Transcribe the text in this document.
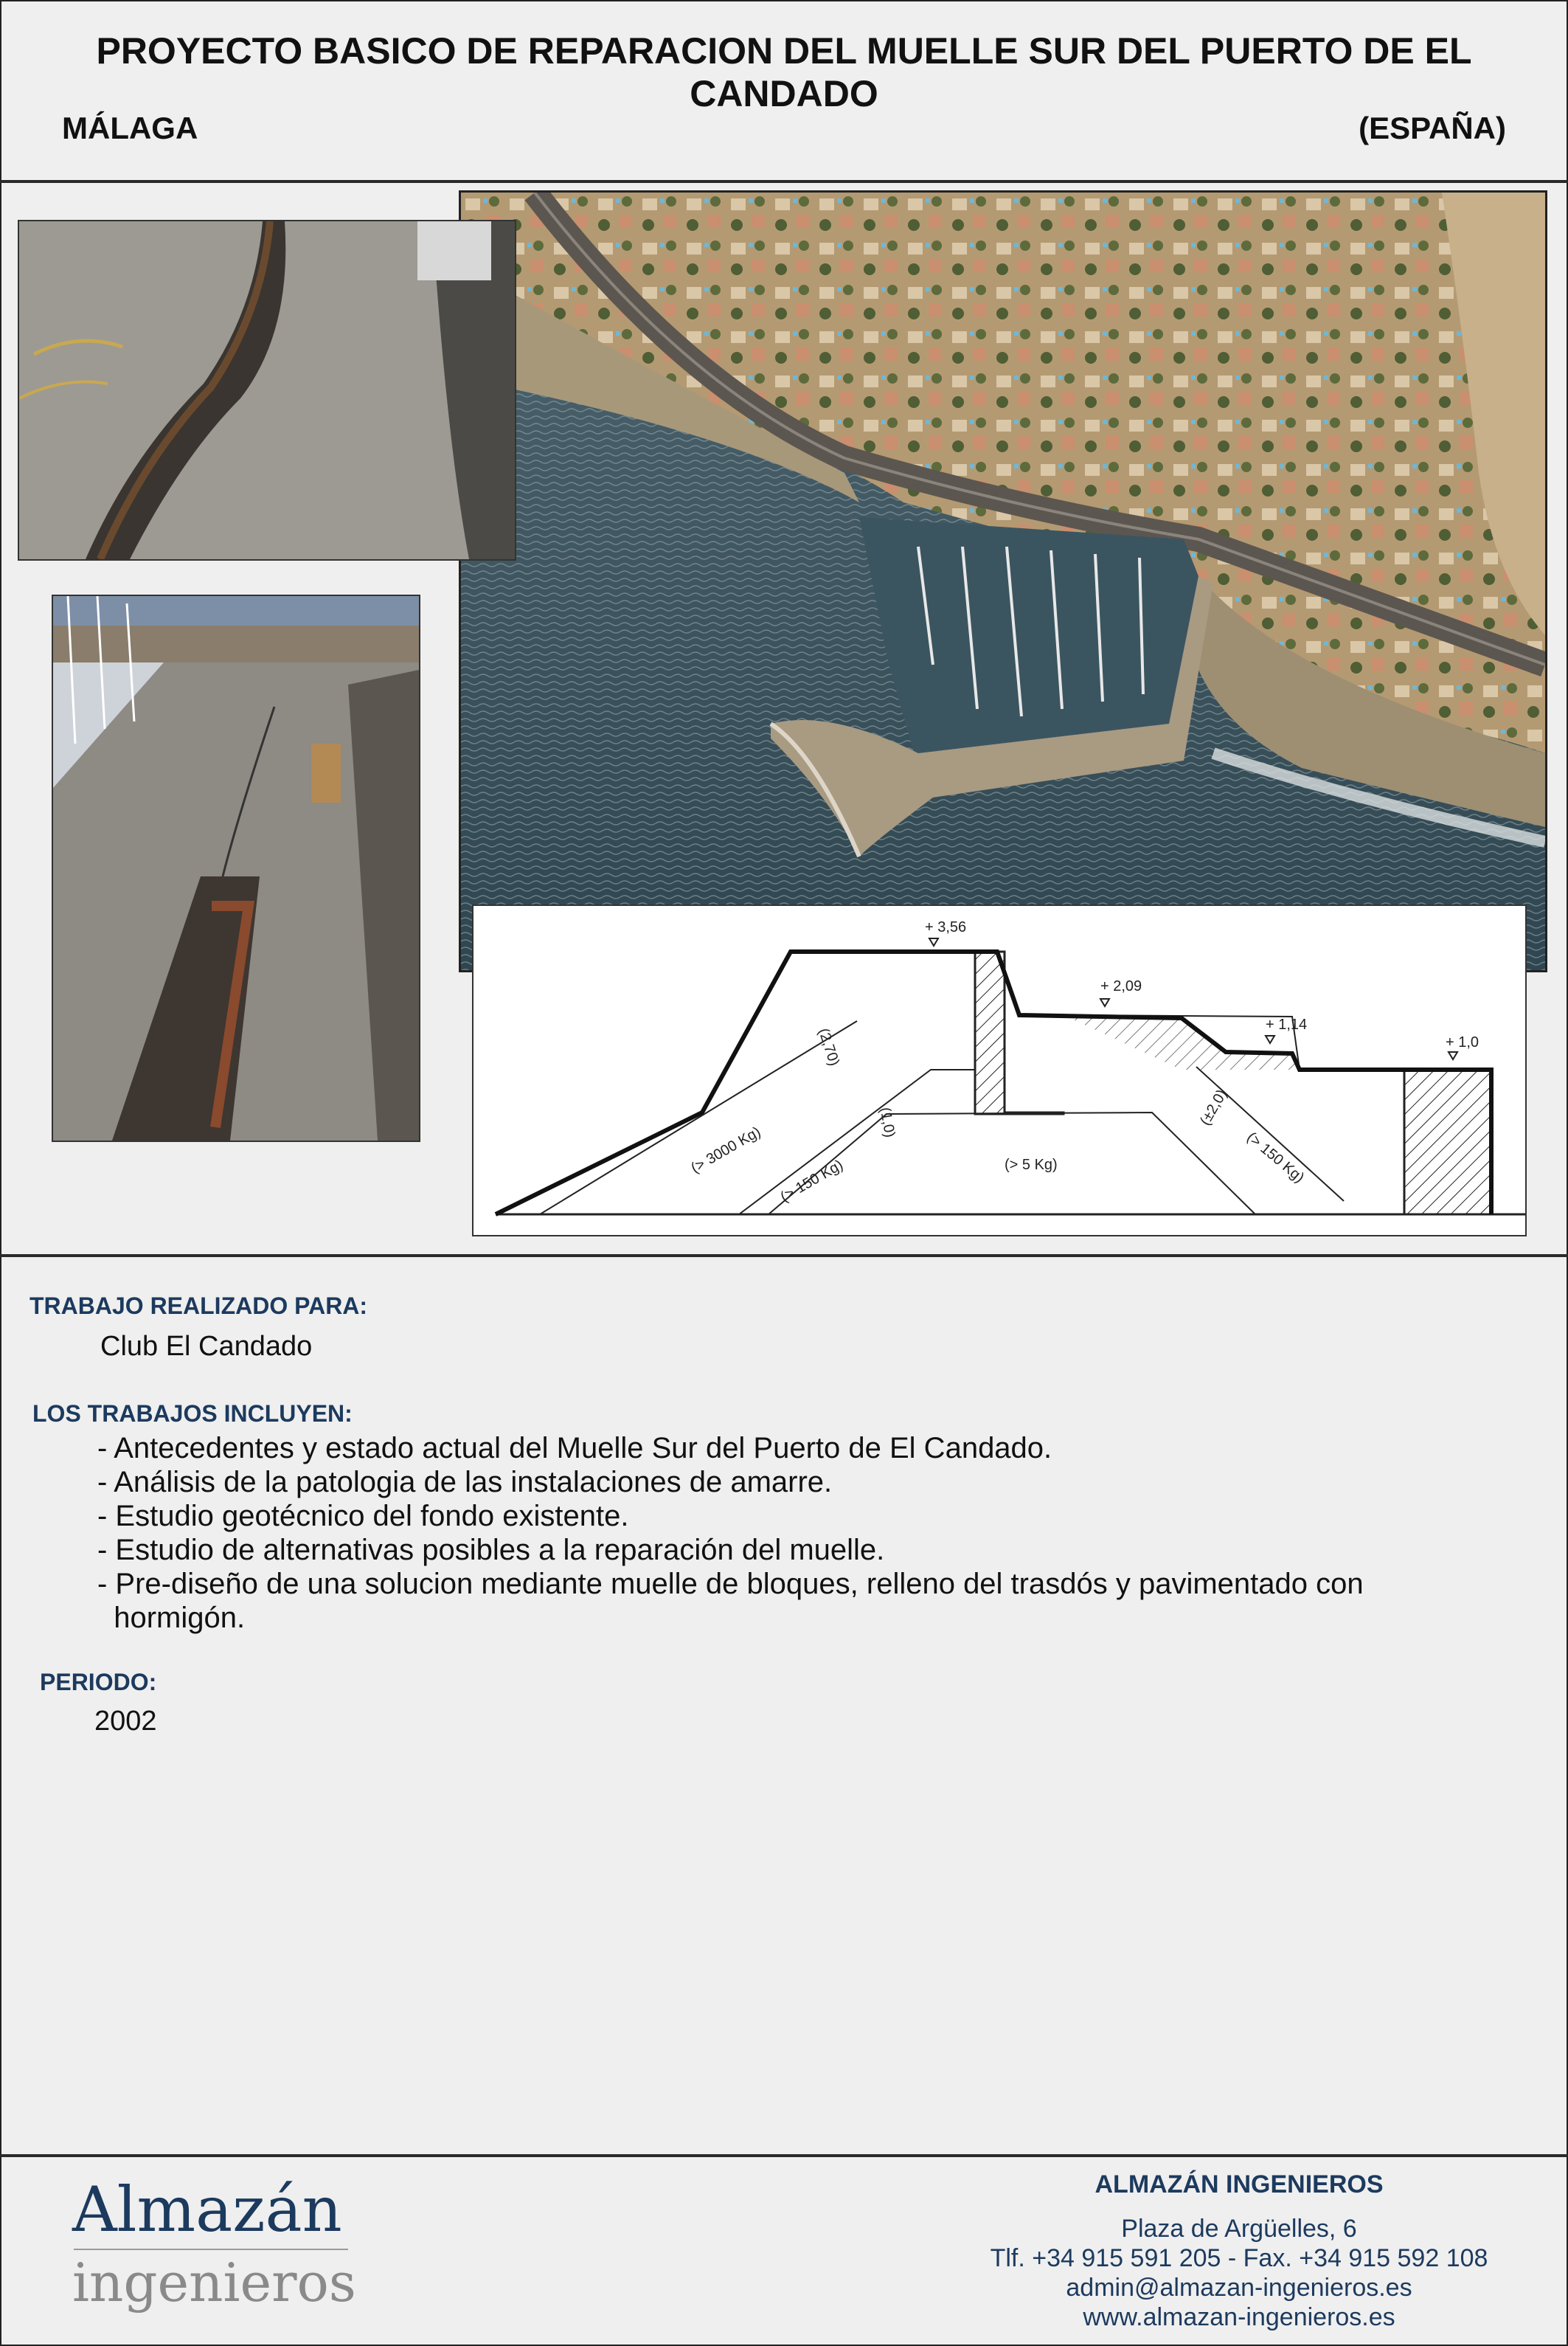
PROYECTO BASICO DE REPARACION DEL MUELLE SUR DEL PUERTO DE EL CANDADO
MÁLAGA	(ESPAÑA)
+ 3,56
+ 2,09
+ 1,14
+ 1,0
(2,70)
(1,0)	(±2,0)
(> 3000 Kg)
(> 150 Kg)	(> 5 Kg)	(> 150 Kg)
TRABAJO REALIZADO PARA:
Club El Candado
LOS TRABAJOS INCLUYEN:
- Antecedentes y estado actual del Muelle Sur del Puerto de El Candado.
- Análisis de la patologia de las instalaciones de amarre.
- Estudio geotécnico del fondo existente.
- Estudio de alternativas posibles a la reparación del muelle.
- Pre-diseño de una solucion mediante muelle de bloques, relleno del trasdós y pavimentado con
hormigón.
PERIODO:
2002
Almazán
ingenieros
ALMAZÁN INGENIEROS
Plaza de Argüelles, 6
Tlf. +34 915 591 205 - Fax. +34 915 592 108
admin@almazan-ingenieros.es
www.almazan-ingenieros.es
